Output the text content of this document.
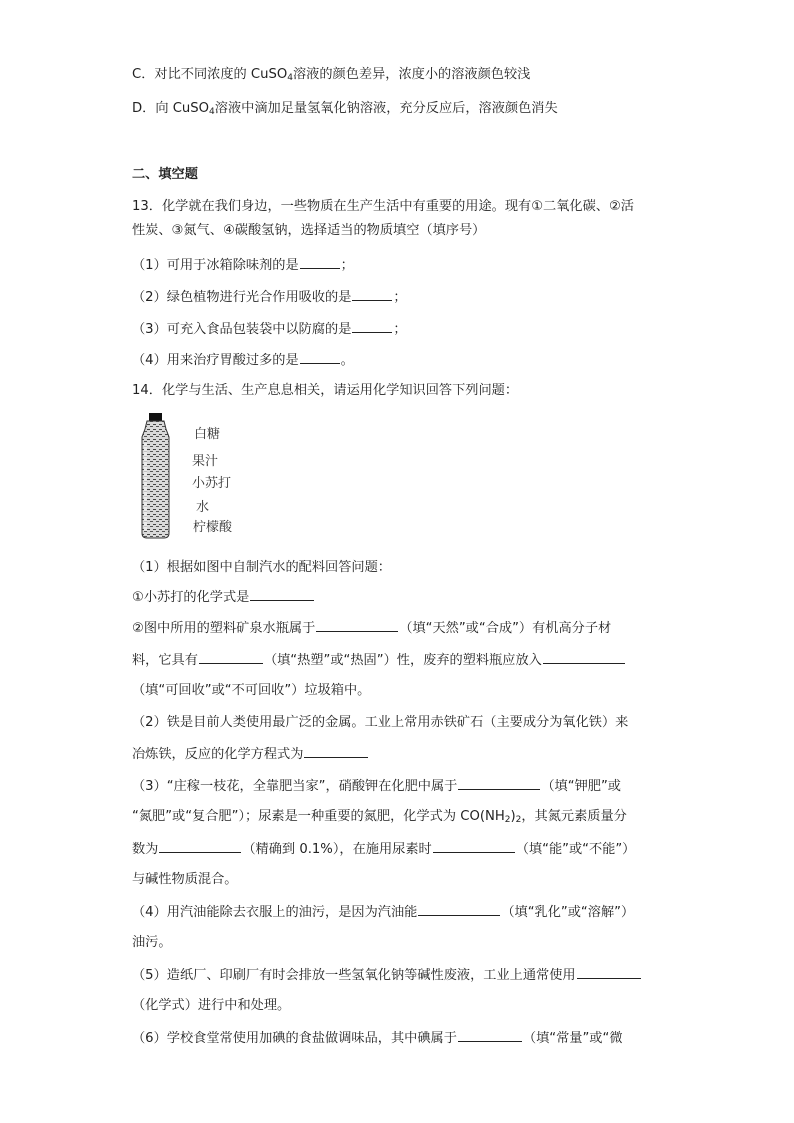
C．对比不同浓度的 CuSO$_4$溶液的颜色差异，浓度小的溶液颜色较浅
D．向 CuSO$_4$溶液中滴加足量氢氧化钠溶液，充分反应后，溶液颜色消失
二、填空题
13．化学就在我们身边，一些物质在生产生活中有重要的用途。现有①二氧化碳、②活
性炭、③氮气、④碳酸氢钠，选择适当的物质填空（填序号）
（1）可用于冰箱除味剂的是	；
（2）绿色植物进行光合作用吸收的是	；
（3）可充入食品包装袋中以防腐的是	；
（4）用来治疗胃酸过多的是	。
14．化学与生活、生产息息相关，请运用化学知识回答下列问题：
白糖
果汁
小苏打
水
柠檬酸
（1）根据如图中自制汽水的配料回答问题：
①小苏打的化学式是
②图中所用的塑料矿泉水瓶属于	（填“天然”或“合成”）有机高分子材
料，它具有	（填“热塑”或“热固”）性，废弃的塑料瓶应放入
（填“可回收”或“不可回收”）垃圾箱中。
（2）铁是目前人类使用最广泛的金属。工业上常用赤铁矿石（主要成分为氧化铁）来
冶炼铁，反应的化学方程式为
（3）“庄稼一枝花，全靠肥当家”，硝酸钾在化肥中属于	（填“钾肥”或
“氮肥”或“复合肥”）；尿素是一种重要的氮肥，化学式为 $CO(NH_2)_2$，其氮元素质量分
数为	（精确到 0.1%），在施用尿素时	（填“能”或“不能”）
与碱性物质混合。
（4）用汽油能除去衣服上的油污，是因为汽油能	（填“乳化”或“溶解”）
油污。
（5）造纸厂、印刷厂有时会排放一些氢氧化钠等碱性废液，工业上通常使用
（化学式）进行中和处理。
（6）学校食堂常使用加碘的食盐做调味品，其中碘属于	（填“常量”或“微
